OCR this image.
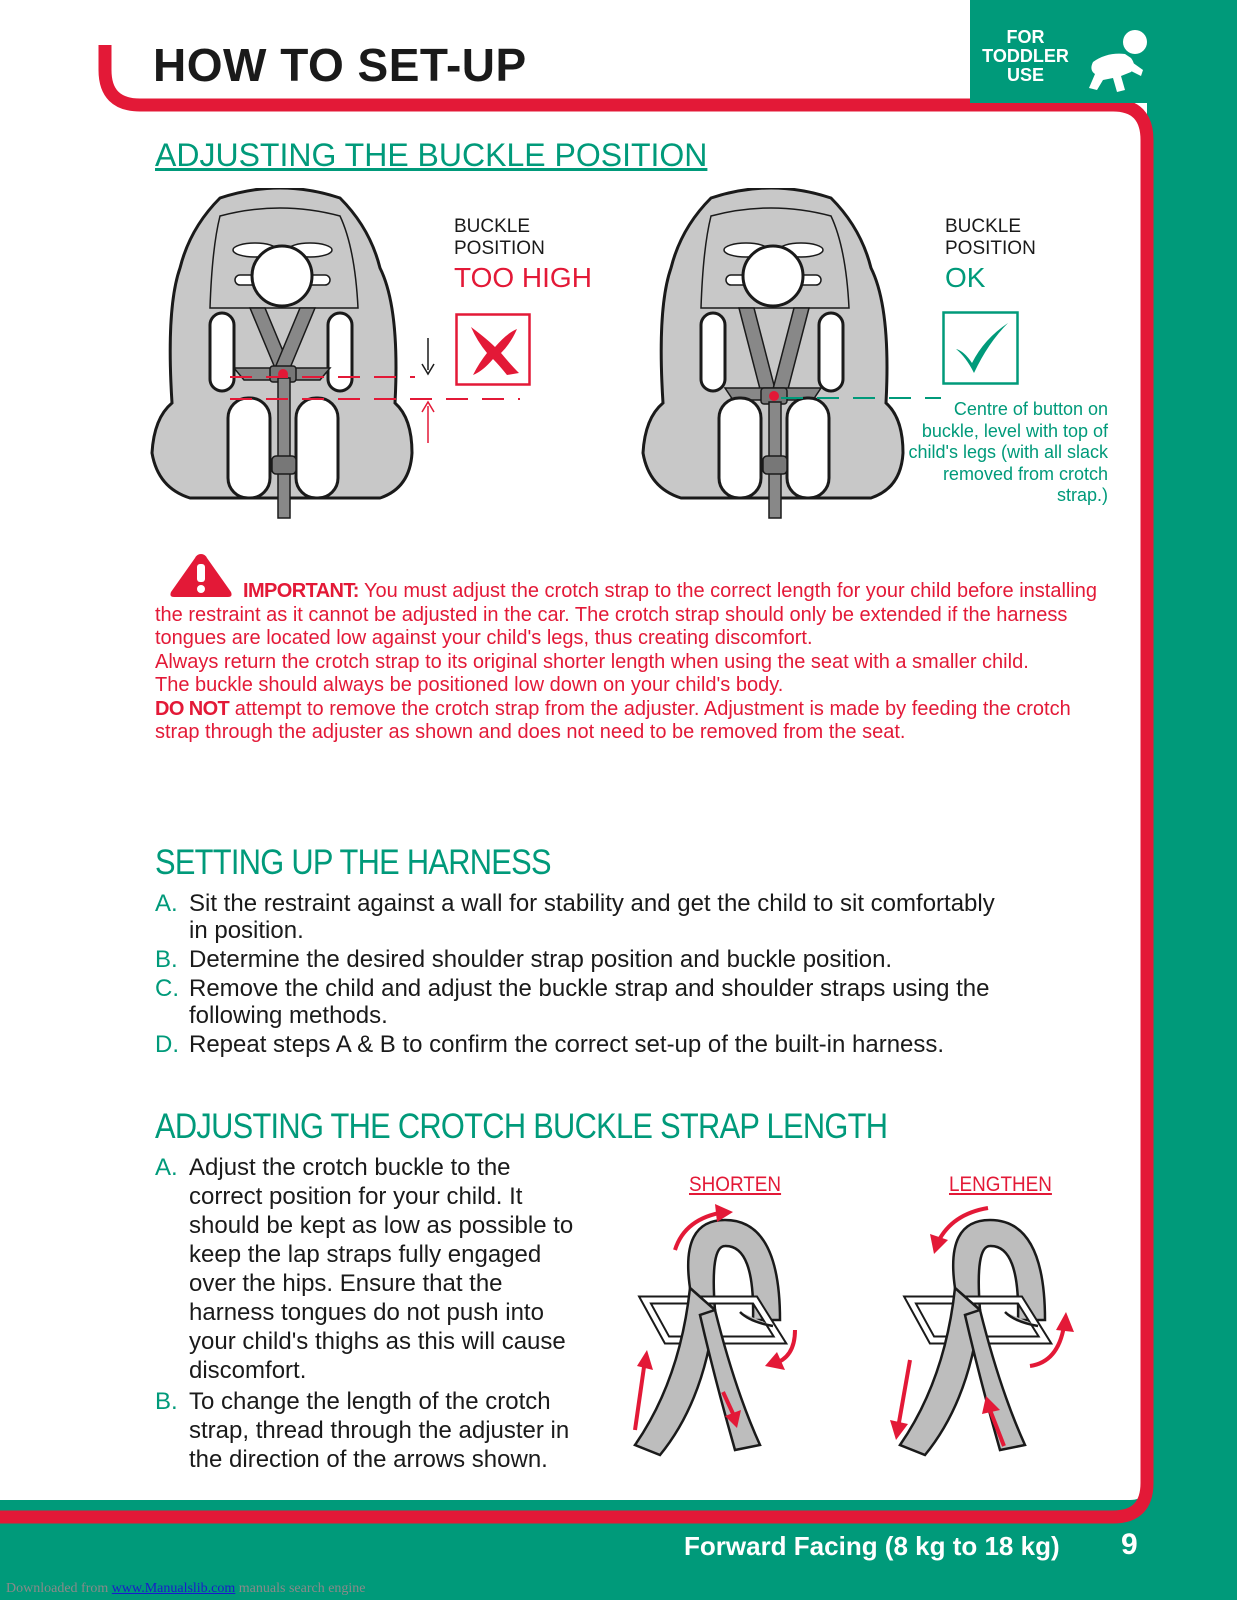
HOW TO SET-UP
FOR
TODDLER
USE
ADJUSTING THE BUCKLE POSITION
BUCKLE
POSITION
TOO HIGH
BUCKLE
POSITION
OK
Centre of button on buckle, level with top of child's legs (with all slack removed from crotch strap.)

IMPORTANT: You must adjust the crotch strap to the correct length for your child before installing the restraint as it cannot be adjusted in the car. The crotch strap should only be extended if the harness tongues are located low against your child's legs, thus creating discomfort.

Always return the crotch strap to its original shorter length when using the seat with a smaller child.

The buckle should always be positioned low down on your child's body.

DO NOT attempt to remove the crotch strap from the adjuster. Adjustment is made by feeding the crotch strap through the adjuster as shown and does not need to be removed from the seat.

SETTING UP THE HARNESS
A. Sit the restraint against a wall for stability and get the child to sit comfortably in position.
B. Determine the desired shoulder strap position and buckle position.
C. Remove the child and adjust the buckle strap and shoulder straps using the following methods.
D. Repeat steps A & B to confirm the correct set-up of the built-in harness.
ADJUSTING THE CROTCH BUCKLE STRAP LENGTH
A. Adjust the crotch buckle to the correct position for your child. It should be kept as low as possible to keep the lap straps fully engaged over the hips. Ensure that the harness tongues do not push into your child's thighs as this will cause discomfort.
B. To change the length of the crotch strap, thread through the adjuster in the direction of the arrows shown.
SHORTEN	LENGTHEN
Forward Facing (8 kg to 18 kg) 9
Downloaded from www.Manualslib.com manuals search engine
